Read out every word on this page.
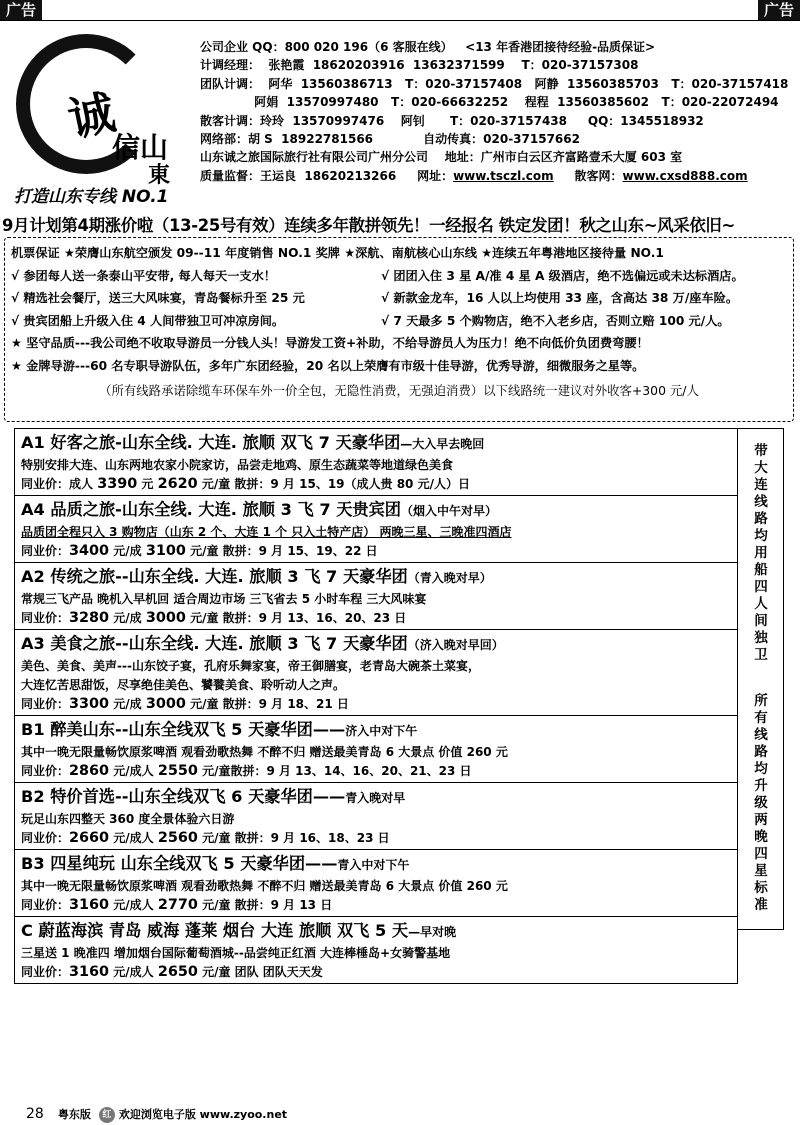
广告	广告
诚
信山
東
打造山东专线 NO.1
公司企业 QQ：800 020 196（6 客服在线）   <13 年香港团接待经验-品质保证>
计调经理：  张艳霞  18620203916  13632371599    T：020-37157308
团队计调：  阿华  13560386713   T：020-37157408   阿静  13560385703   T：020-37157418
阿娟  13570997480   T：020-66632252    程程  13560385602   T：020-22072494
散客计调：玲玲  13570997476    阿钊      T：020-37157438     QQ：1345518932
网络部：胡 S  18922781566            自动传真：020-37157662
山东诚之旅国际旅行社有限公司广州分公司    地址：广州市白云区齐富路壹禾大厦 603 室
质量监督：王运良  18620213266     网址：www.tsczl.com     散客网：www.cxsd888.com
9月计划第4期涨价啦（13-25号有效）连续多年散拼领先！一经报名 铁定发团！秋之山东~风采依旧~
机票保证 ★荣膺山东航空颁发 09--11 年度销售 NO.1 奖牌 ★深航、南航核心山东线 ★连续五年粤港地区接待量 NO.1
√ 参团每人送一条泰山平安带, 每人每天一支水！	√ 团团入住 3 星 A/准 4 星 A 级酒店，绝不选偏远或未达标酒店。
√ 精选社会餐厅，送三大风味宴，青岛餐标升至 25 元	√ 新款金龙车，16 人以上均使用 33 座，含高达 38 万/座车险。
√ 贵宾团船上升级入住 4 人间带独卫可冲凉房间。	√ 7 天最多 5 个购物店，绝不入老乡店，否则立赔 100 元/人。
★ 坚守品质---我公司绝不收取导游员一分钱人头！导游发工资+补助，不给导游员人为压力！绝不向低价负团费弯腰！
★ 金牌导游---60 名专职导游队伍，多年广东团经验，20 名以上荣膺有市级十佳导游，优秀导游，细微服务之星等。
（所有线路承诺除缆车环保车外一价全包，无隐性消费，无强迫消费）以下线路统一建议对外收客+300 元/人
A1 好客之旅-山东全线. 大连. 旅顺 双飞 7 天豪华团—大入早去晚回
特别安排大连、山东两地农家小院家访，品尝走地鸡、原生态蔬菜等地道绿色美食
同业价：成人 3390 元 2620 元/童 散拼：9 月 15、19（成人贵 80 元/人）日
A4 品质之旅-山东全线. 大连. 旅顺 3 飞 7 天贵宾团（烟入中午对早）
品质团全程只入 3 购物店（山东 2 个、大连 1 个 只入土特产店） 两晚三星、三晚准四酒店
同业价：3400 元/成 3100 元/童 散拼：9 月 15、19、22 日
A2 传统之旅--山东全线. 大连. 旅顺 3 飞 7 天豪华团（青入晚对早）
常规三飞产品 晚机入早机回 适合周边市场 三飞省去 5 小时车程 三大风味宴
同业价：3280 元/成 3000 元/童 散拼：9 月 13、16、20、23 日
A3 美食之旅--山东全线. 大连. 旅顺 3 飞 7 天豪华团（济入晚对早回）
美色、美食、美声---山东饺子宴，孔府乐舞家宴，帝王御膳宴，老青岛大碗茶土菜宴，
大连忆苦思甜饭，尽享绝佳美色、饕餮美食、聆听动人之声。
同业价：3300 元/成 3000 元/童 散拼：9 月 18、21 日
B1 醉美山东--山东全线双飞 5 天豪华团——济入中对下午
其中一晚无限量畅饮原浆啤酒 观看劲歌热舞 不醉不归 赠送最美青岛 6 大景点 价值 260 元
同业价：2860 元/成人 2550 元/童散拼：9 月 13、14、16、20、21、23 日
B2 特价首选--山东全线双飞 6 天豪华团——青入晚对早
玩足山东四整天 360 度全景体验六日游
同业价：2660 元/成人 2560 元/童 散拼：9 月 16、18、23 日
B3 四星纯玩 山东全线双飞 5 天豪华团——青入中对下午
其中一晚无限量畅饮原浆啤酒 观看劲歌热舞 不醉不归 赠送最美青岛 6 大景点 价值 260 元
同业价：3160 元/成人 2770 元/童 散拼：9 月 13 日
C 蔚蓝海滨 青岛 威海 蓬莱 烟台 大连 旅顺 双飞 5 天—早对晚
三星送 1 晚准四 增加烟台国际葡萄酒城--品尝纯正红酒 大连棒棰岛+女骑警基地
同业价：3160 元/成人 2650 元/童 团队 团队天天发
带
大
连
线
路
均
用
船
四
人
间
独
卫
所
有
线
路
均
升
级
两
晚
四
星
标
准
28 粤东版 红 欢迎浏览电子版 www.zyoo.net
